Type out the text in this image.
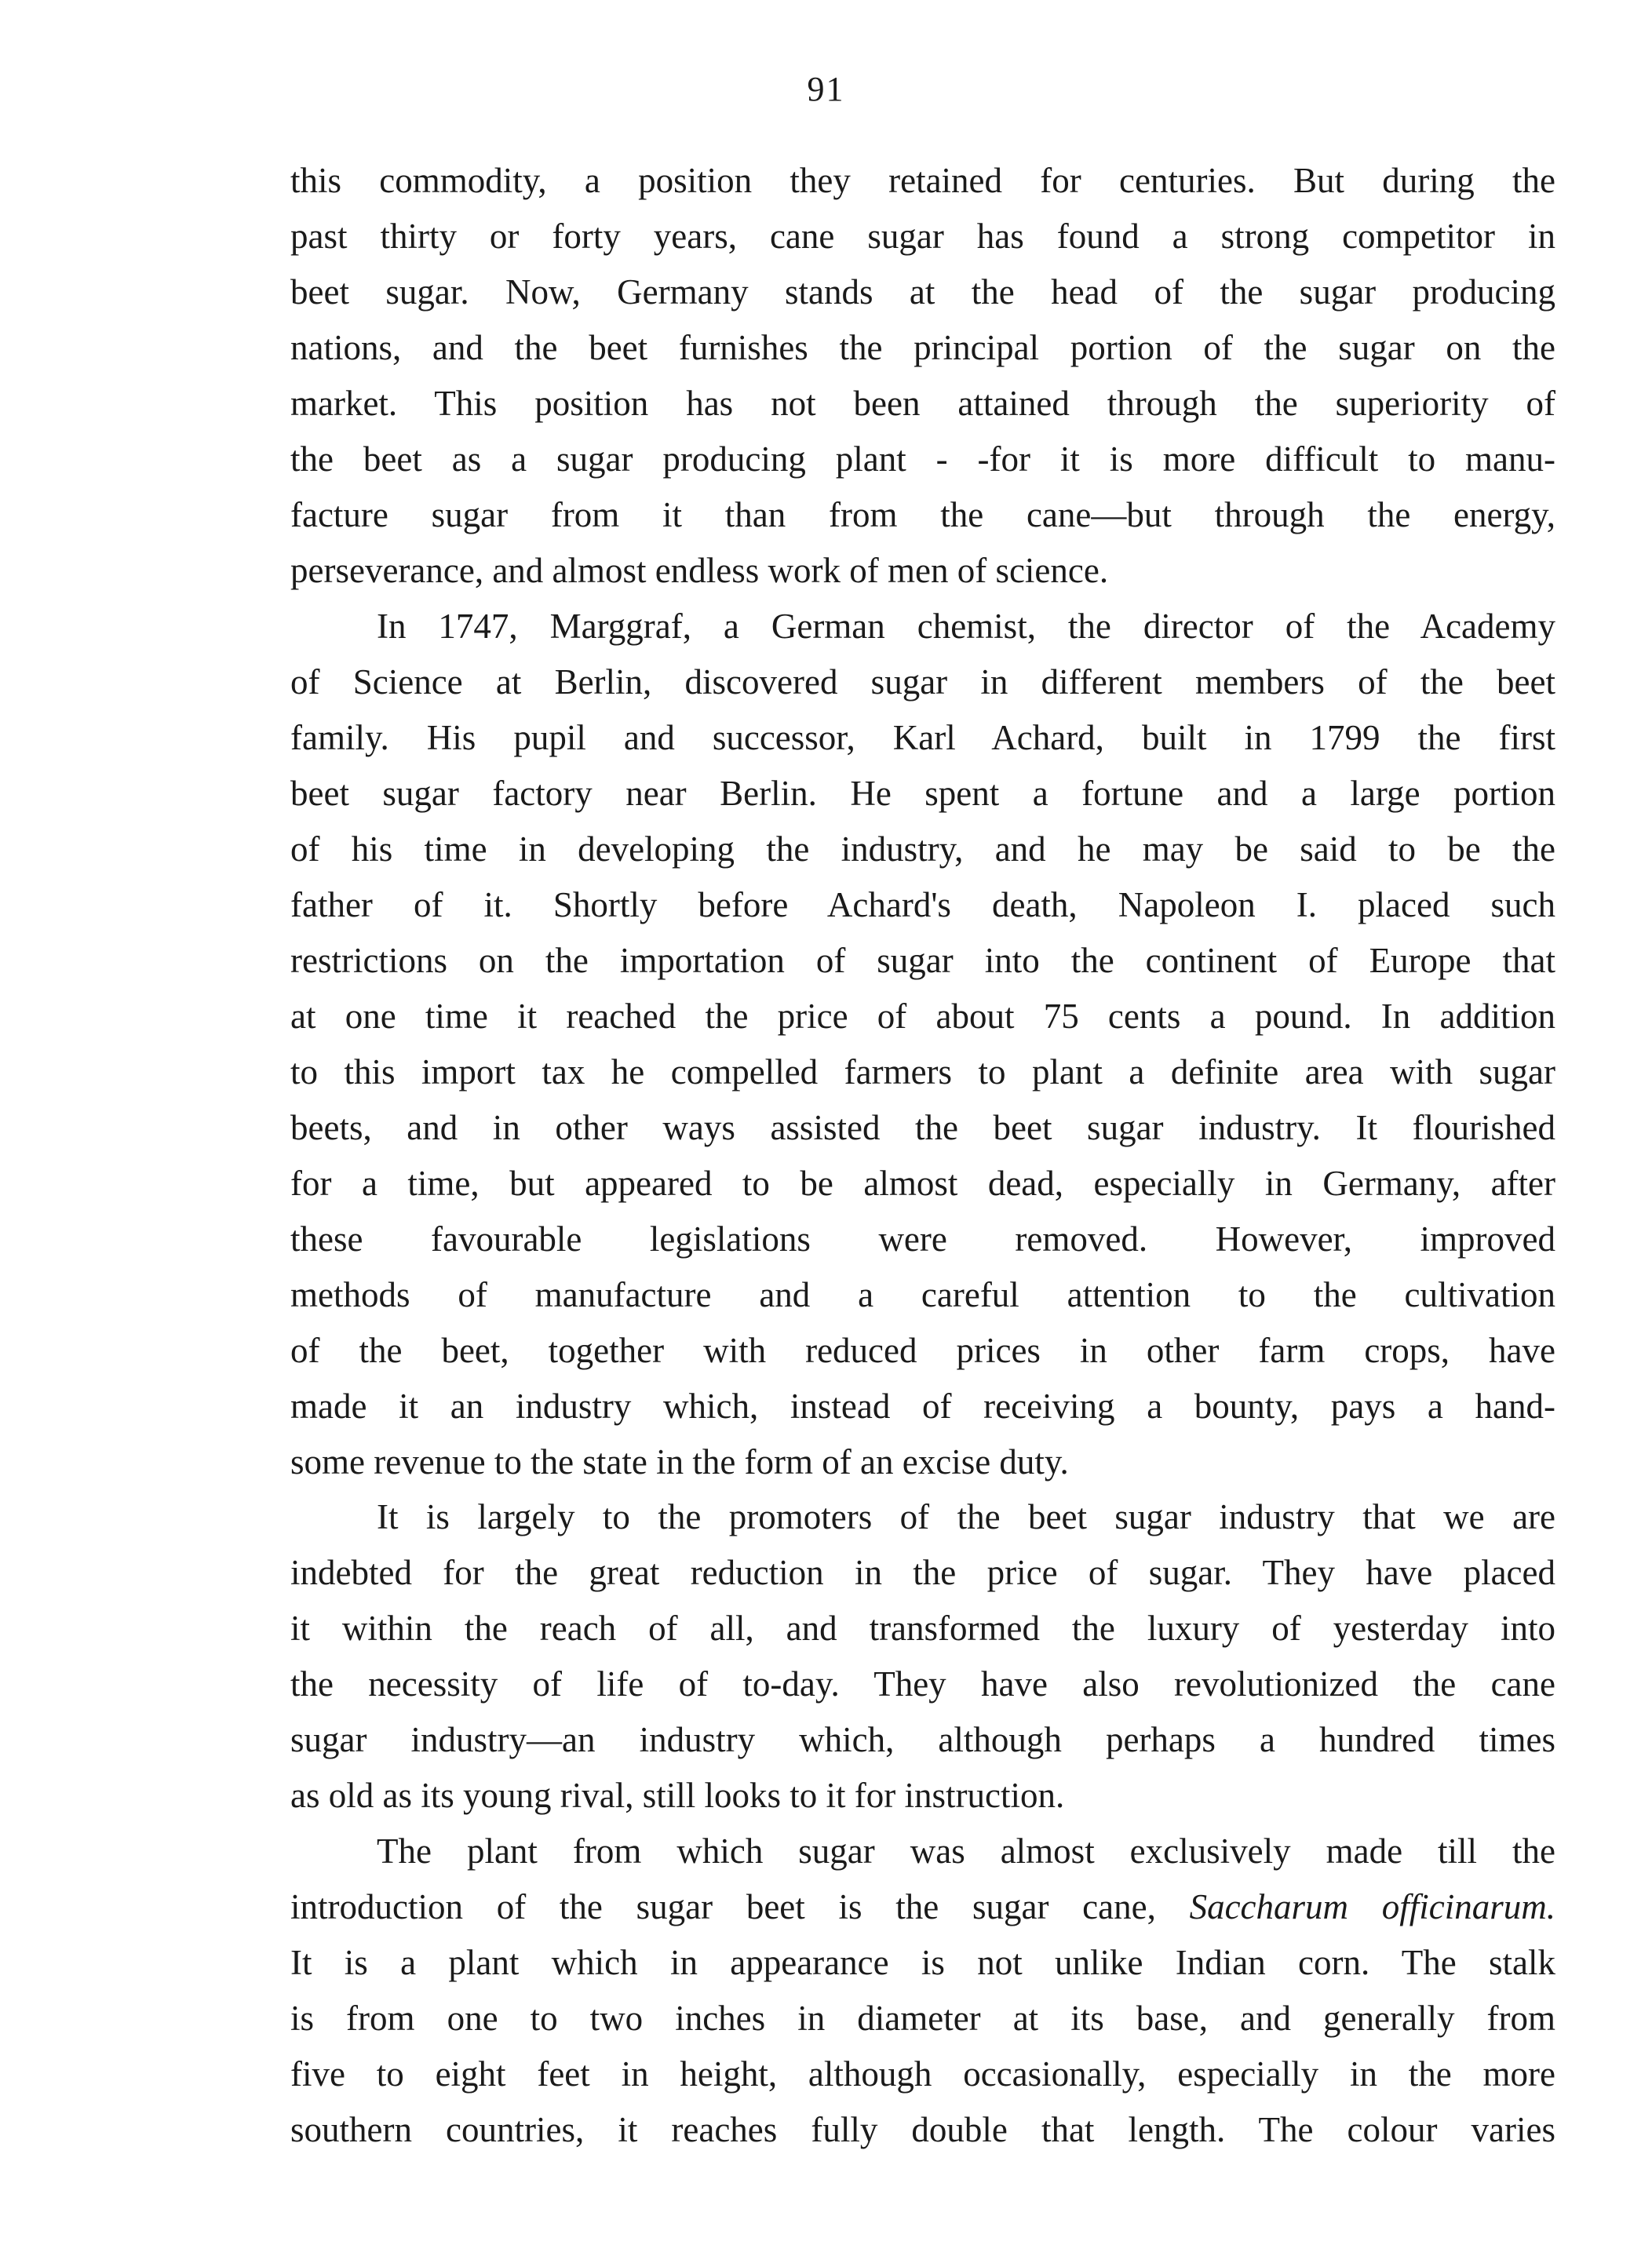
91
this commodity, a position they retained for centuries. But during the
past thirty or forty years, cane sugar has found a strong competitor in
beet sugar. Now, Germany stands at the head of the sugar producing
nations, and the beet furnishes the principal portion of the sugar on the
market. This position has not been attained through the superiority of
the beet as a sugar producing plant - -for it is more difficult to manu-
facture sugar from it than from the cane—but through the energy,
perseverance, and almost endless work of men of science.
In 1747, Marggraf, a German chemist, the director of the Academy
of Science at Berlin, discovered sugar in different members of the beet
family. His pupil and successor, Karl Achard, built in 1799 the first
beet sugar factory near Berlin. He spent a fortune and a large portion
of his time in developing the industry, and he may be said to be the
father of it. Shortly before Achard's death, Napoleon I. placed such
restrictions on the importation of sugar into the continent of Europe that
at one time it reached the price of about 75 cents a pound. In addition
to this import tax he compelled farmers to plant a definite area with sugar
beets, and in other ways assisted the beet sugar industry. It flourished
for a time, but appeared to be almost dead, especially in Germany, after
these favourable legislations were removed. However, improved
methods of manufacture and a careful attention to the cultivation
of the beet, together with reduced prices in other farm crops, have
made it an industry which, instead of receiving a bounty, pays a hand-
some revenue to the state in the form of an excise duty.
It is largely to the promoters of the beet sugar industry that we are
indebted for the great reduction in the price of sugar. They have placed
it within the reach of all, and transformed the luxury of yesterday into
the necessity of life of to-day. They have also revolutionized the cane
sugar industry—an industry which, although perhaps a hundred times
as old as its young rival, still looks to it for instruction.
The plant from which sugar was almost exclusively made till the
introduction of the sugar beet is the sugar cane, Saccharum officinarum.
It is a plant which in appearance is not unlike Indian corn. The stalk
is from one to two inches in diameter at its base, and generally from
five to eight feet in height, although occasionally, especially in the more
southern countries, it reaches fully double that length. The colour varies
